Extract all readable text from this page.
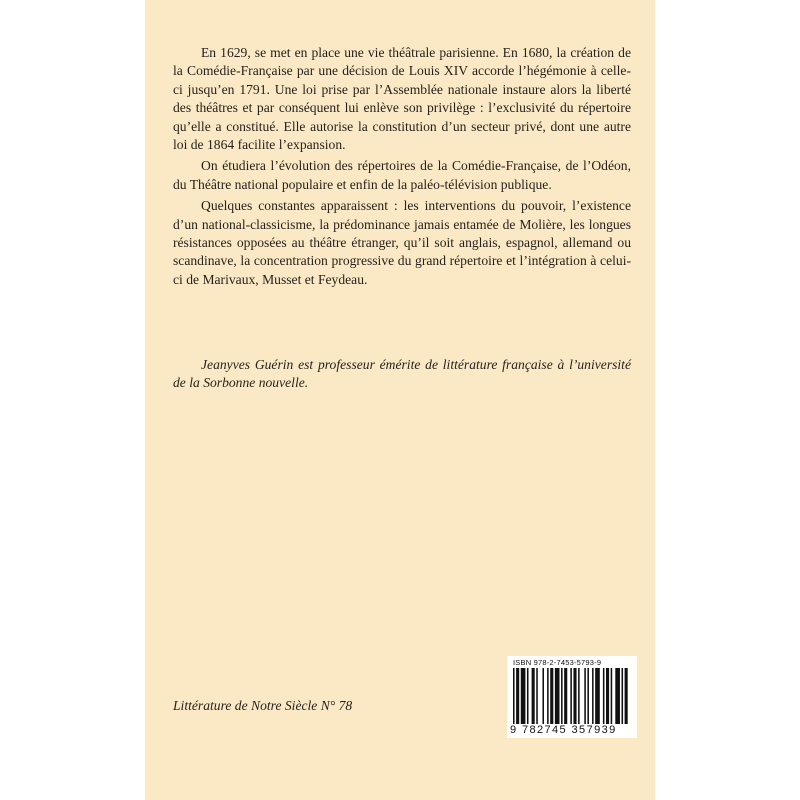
En 1629, se met en place une vie théâtrale parisienne. En 1680, la création de la Comédie-Française par une décision de Louis XIV accorde l’hégémonie à celle-ci jusqu’en 1791. Une loi prise par l’Assemblée nationale instaure alors la liberté des théâtres et par conséquent lui enlève son privilège : l’exclusivité du répertoire qu’elle a constitué. Elle autorise la constitution d’un secteur privé, dont une autre loi de 1864 facilite l’expansion.

On étudiera l’évolution des répertoires de la Comédie-Française, de l’Odéon, du Théâtre national populaire et enfin de la paléo-télévision publique.

Quelques constantes apparaissent : les interventions du pouvoir, l’existence d’un national-classicisme, la prédominance jamais entamée de Molière, les longues résistances opposées au théâtre étranger, qu’il soit anglais, espagnol, allemand ou scandinave, la concentration progressive du grand répertoire et l’intégration à celui-ci de Marivaux, Musset et Feydeau.

Jeanyves Guérin est professeur émérite de littérature française à l’université de la Sorbonne nouvelle.
Littérature de Notre Siècle N° 78
ISBN 978-2-7453-5793-9
9 782745 357939
